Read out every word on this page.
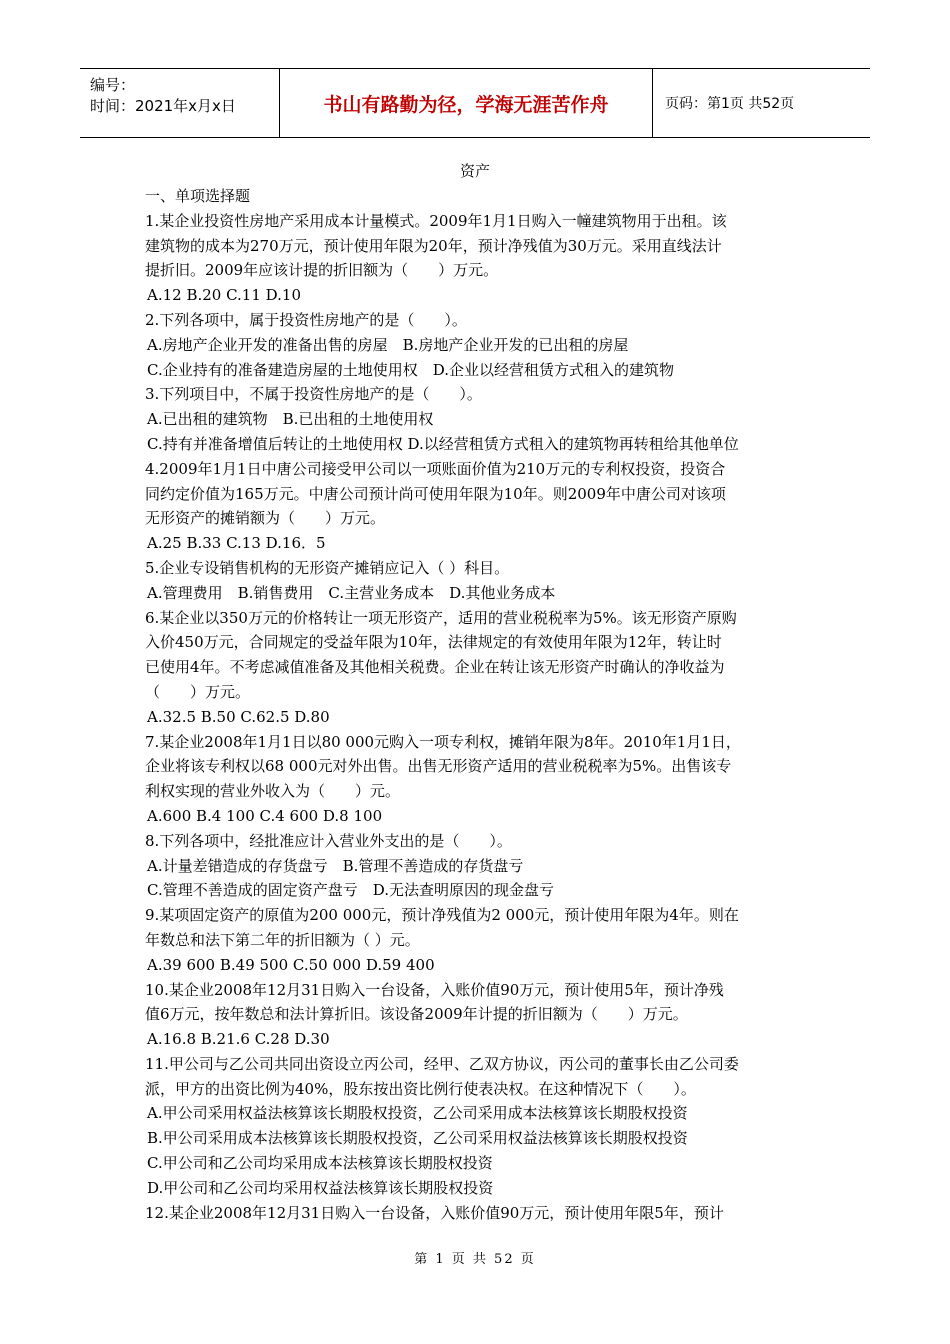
编号：
时间：2021年x月x日	书山有路勤为径，学海无涯苦作舟	页码：第1页 共52页
资产

一、单项选择题

1.某企业投资性房地产采用成本计量模式。2009年1月1日购入一幢建筑物用于出租。该

建筑物的成本为270万元，预计使用年限为20年，预计净残值为30万元。采用直线法计

提折旧。2009年应该计提的折旧额为（　　）万元。

A.12 B.20 C.11 D.10

2.下列各项中，属于投资性房地产的是（　　）。

A.房地产企业开发的准备出售的房屋　B.房地产企业开发的已出租的房屋

C.企业持有的准备建造房屋的土地使用权　D.企业以经营租赁方式租入的建筑物

3.下列项目中，不属于投资性房地产的是（　　）。

A.已出租的建筑物　B.已出租的土地使用权

C.持有并准备增值后转让的土地使用权 D.以经营租赁方式租入的建筑物再转租给其他单位

4.2009年1月1日中唐公司接受甲公司以一项账面价值为210万元的专利权投资，投资合

同约定价值为165万元。中唐公司预计尚可使用年限为10年。则2009年中唐公司对该项

无形资产的摊销额为（　　）万元。

A.25 B.33 C.13 D.16．5

5.企业专设销售机构的无形资产摊销应记入（ ）科目。

A.管理费用　B.销售费用　C.主营业务成本　D.其他业务成本

6.某企业以350万元的价格转让一项无形资产，适用的营业税税率为5%。该无形资产原购

入价450万元，合同规定的受益年限为10年，法律规定的有效使用年限为12年，转让时

已使用4年。不考虑减值准备及其他相关税费。企业在转让该无形资产时确认的净收益为

（　　）万元。

A.32.5 B.50 C.62.5 D.80

7.某企业2008年1月1日以80 000元购入一项专利权，摊销年限为8年。2010年1月1日，

企业将该专利权以68 000元对外出售。出售无形资产适用的营业税税率为5%。出售该专

利权实现的营业外收入为（　　）元。

A.600 B.4 100 C.4 600 D.8 100

8.下列各项中，经批准应计入营业外支出的是（　　）。

A.计量差错造成的存货盘亏　B.管理不善造成的存货盘亏

C.管理不善造成的固定资产盘亏　D.无法查明原因的现金盘亏

9.某项固定资产的原值为200 000元，预计净残值为2 000元，预计使用年限为4年。则在

年数总和法下第二年的折旧额为（ ）元。

A.39 600 B.49 500 C.50 000 D.59 400

10.某企业2008年12月31日购入一台设备，入账价值90万元，预计使用5年，预计净残

值6万元，按年数总和法计算折旧。该设备2009年计提的折旧额为（　　）万元。

A.16.8 B.21.6 C.28 D.30

11.甲公司与乙公司共同出资设立丙公司，经甲、乙双方协议，丙公司的董事长由乙公司委

派，甲方的出资比例为40%，股东按出资比例行使表决权。在这种情况下（　　）。

A.甲公司采用权益法核算该长期股权投资，乙公司采用成本法核算该长期股权投资

B.甲公司采用成本法核算该长期股权投资，乙公司采用权益法核算该长期股权投资

C.甲公司和乙公司均采用成本法核算该长期股权投资

D.甲公司和乙公司均采用权益法核算该长期股权投资

12.某企业2008年12月31日购入一台设备，入账价值90万元，预计使用年限5年，预计

第 1 页 共 52 页
